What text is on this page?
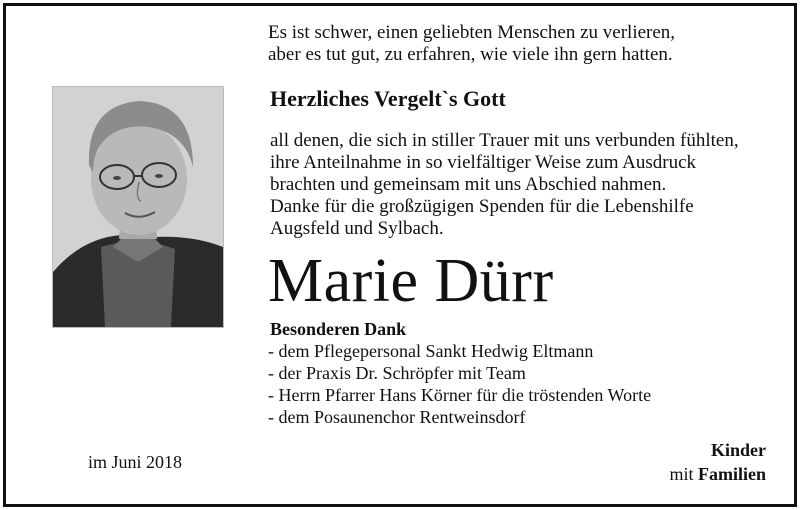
Es ist schwer, einen geliebten Menschen zu verlieren,
aber es tut gut, zu erfahren, wie viele ihn gern hatten.
Herzliches Vergelt`s Gott
all denen, die sich in stiller Trauer mit uns verbunden fühlten,
ihre Anteilnahme in so vielfältiger Weise zum Ausdruck
brachten und gemeinsam mit uns Abschied nahmen.
Danke für die großzügigen Spenden für die Lebenshilfe
Augsfeld und Sylbach.
Marie Dürr
Besonderen Dank
- dem Pflegepersonal Sankt Hedwig Eltmann
- der Praxis Dr. Schröpfer mit Team
- Herrn Pfarrer Hans Körner für die tröstenden Worte
- dem Posaunenchor Rentweinsdorf
im Juni 2018
Kinder
mit Familien
